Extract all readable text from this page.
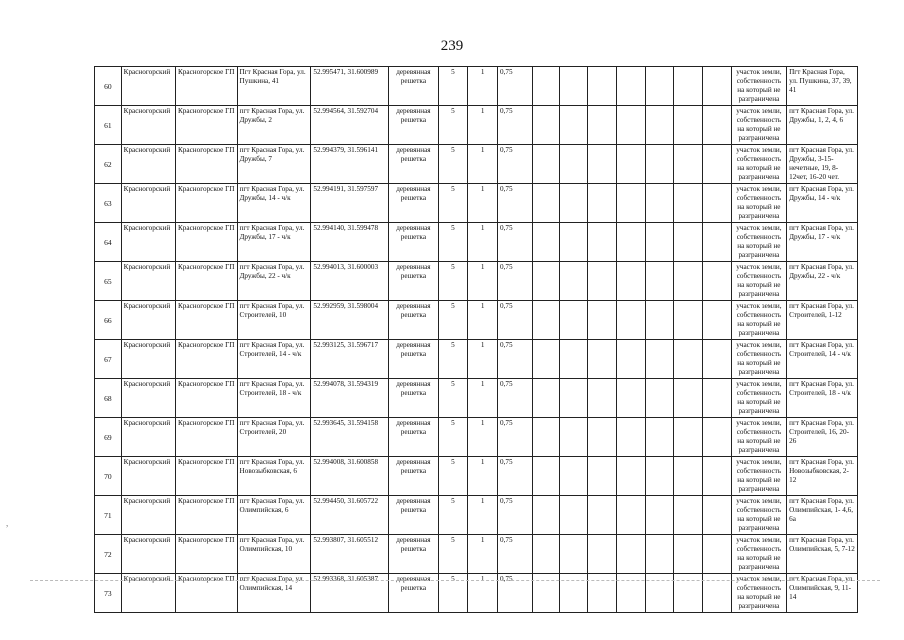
239
60	Красногорский	Красногорское ГП	Пгт Красная Гора, ул. Пушкина, 41	52.995471, 31.600989	деревянная решетка	5	1	0,75								участок земли, собственность на который не разграничена	Пгт Красная Гора, ул. Пушкина, 37, 39, 41
61	Красногорский	Красногорское ГП	пгт Красная Гора, ул. Дружбы, 2	52.994564, 31.592704	деревянная решетка	5	1	0,75								участок земли, собственность на который не разграничена	пгт Красная Гора, ул. Дружбы, 1, 2, 4, 6
62	Красногорский	Красногорское ГП	пгт Красная Гора, ул. Дружбы, 7	52.994379, 31.596141	деревянная решетка	5	1	0,75								участок земли, собственность на который не разграничена	пгт Красная Гора, ул. Дружбы, 3-15- нечетные, 19, 8- 12чет, 16-20 чет.
63	Красногорский	Красногорское ГП	пгт Красная Гора, ул. Дружбы, 14 - ч/к	52.994191, 31.597597	деревянная решетка	5	1	0,75								участок земли, собственность на который не разграничена	пгт Красная Гора, ул. Дружбы, 14 - ч/к
64	Красногорский	Красногорское ГП	пгт Красная Гора, ул. Дружбы, 17 - ч/к	52.994140, 31.599478	деревянная решетка	5	1	0,75								участок земли, собственность на который не разграничена	пгт Красная Гора, ул. Дружбы, 17 - ч/к
65	Красногорский	Красногорское ГП	пгт Красная Гора, ул. Дружбы, 22 - ч/к	52.994013, 31.600003	деревянная решетка	5	1	0,75								участок земли, собственность на который не разграничена	пгт Красная Гора, ул. Дружбы, 22 - ч/к
66	Красногорский	Красногорское ГП	пгт Красная Гора, ул. Строителей, 10	52.992959, 31.598004	деревянная решетка	5	1	0,75								участок земли, собственность на который не разграничена	пгт Красная Гора, ул. Строителей, 1-12
67	Красногорский	Красногорское ГП	пгт Красная Гора, ул. Строителей, 14 - ч/к	52.993125, 31.596717	деревянная решетка	5	1	0,75								участок земли, собственность на который не разграничена	пгт Красная Гора, ул. Строителей, 14 - ч/к
68	Красногорский	Красногорское ГП	пгт Красная Гора, ул. Строителей, 18 - ч/к	52.994078, 31.594319	деревянная решетка	5	1	0,75								участок земли, собственность на который не разграничена	пгт Красная Гора, ул. Строителей, 18 - ч/к
69	Красногорский	Красногорское ГП	пгт Красная Гора, ул. Строителей, 20	52.993645, 31.594158	деревянная решетка	5	1	0,75								участок земли, собственность на который не разграничена	пгт Красная Гора, ул. Строителей, 16, 20-26
70	Красногорский	Красногорское ГП	пгт Красная Гора, ул. Новозыбковская, 6	52.994008, 31.600858	деревянная решетка	5	1	0,75								участок земли, собственность на который не разграничена	пгт Красная Гора, ул. Новозыбковская, 2-12
71	Красногорский	Красногорское ГП	пгт Красная Гора, ул. Олимпийская, 6	52.994450, 31.605722	деревянная решетка	5	1	0,75								участок земли, собственность на который не разграничена	пгт Красная Гора, ул. Олимпийская, 1- 4,6, 6а
72	Красногорский	Красногорское ГП	пгт Красная Гора, ул. Олимпийская, 10	52.993807, 31.605512	деревянная решетка	5	1	0,75								участок земли, собственность на который не разграничена	пгт Красная Гора, ул. Олимпийская, 5, 7-12
73	Красногорский	Красногорское ГП	пгт Красная Гора, ул. Олимпийская, 14	52.993368, 31.605387	деревянная решетка	5	1	0,75								участок земли, собственность на который не разграничена	пгт Красная Гора, ул. Олимпийская, 9, 11-14
,
